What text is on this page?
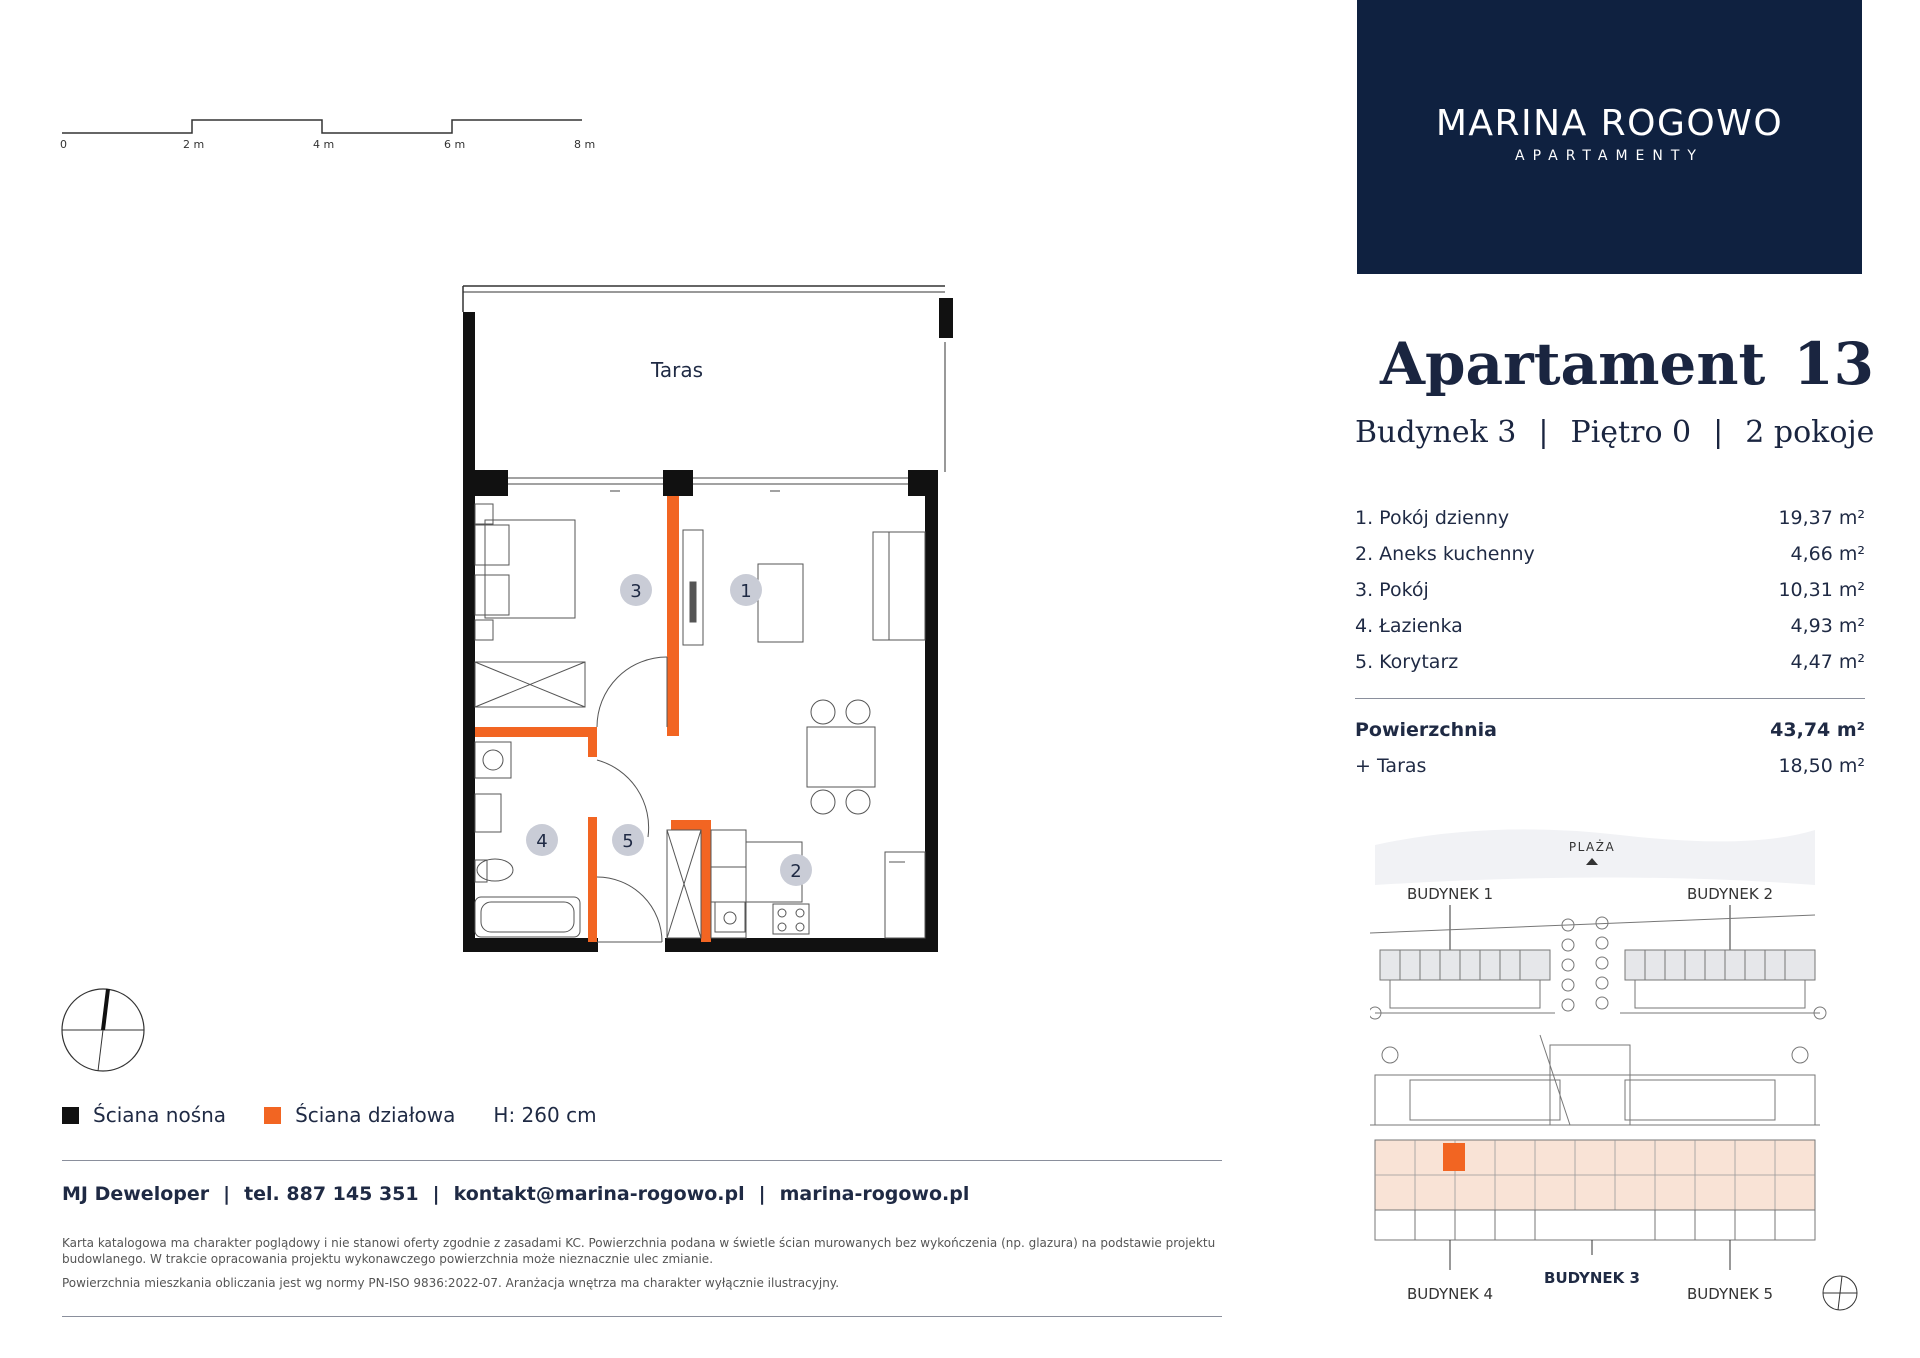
0	2 m	4 m	6 m	8 m
Taras
1
2
3
4	5
Ściana nośna	Ściana działowa H: 260 cm
MJ Deweloper | tel. 887 145 351 | kontakt@marina-rogowo.pl | marina-rogowo.pl
Karta katalogowa ma charakter poglądowy i nie stanowi oferty zgodnie z zasadami KC. Powierzchnia podana w świetle ścian murowanych bez wykończenia (np. glazura) na podstawie projektu budowlanego. W trakcie opracowania projektu wykonawczego powierzchnia może nieznacznie ulec zmianie.
Powierzchnia mieszkania obliczania jest wg normy PN-ISO 9836:2022-07. Aranżacja wnętrza ma charakter wyłącznie ilustracyjny.
MARINA ROGOWO
APARTAMENTY
Apartament 13
Budynek 3 | Piętro 0 | 2 pokoje
1. Pokój dzienny	19,37 m²
2. Aneks kuchenny	4,66 m²
3. Pokój	10,31 m²
4. Łazienka	4,93 m²
5. Korytarz	4,47 m²
Powierzchnia	43,74 m²
+ Taras	18,50 m²
PLAŻA
BUDYNEK 1	BUDYNEK 2
BUDYNEK 4
BUDYNEK 3
BUDYNEK 5
